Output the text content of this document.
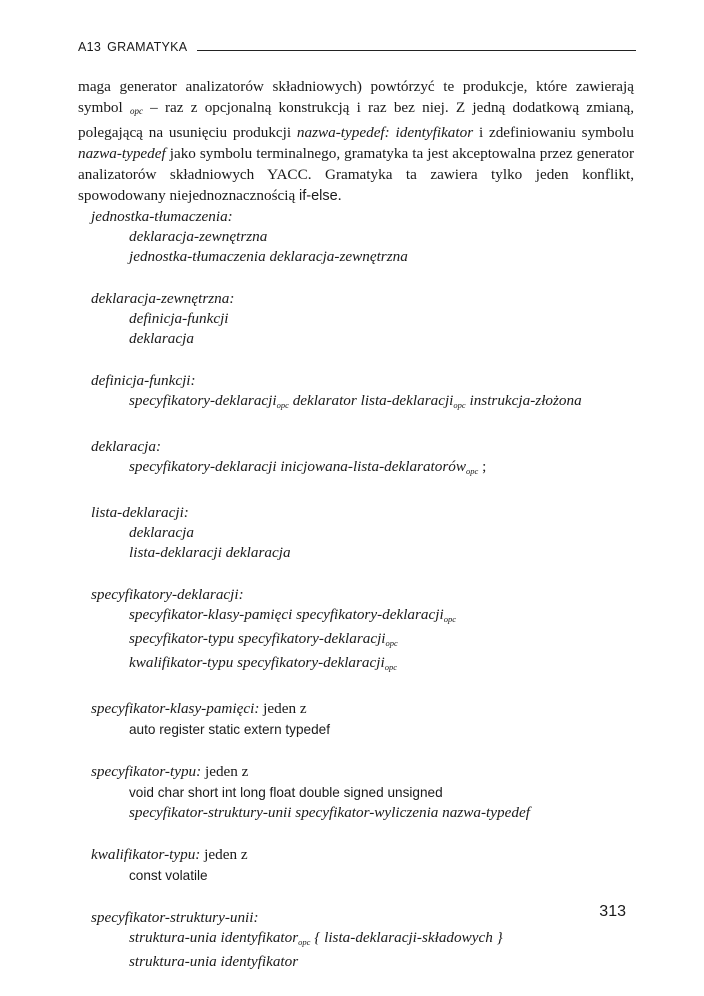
A13 GRAMATYKA
maga generator analizatorów składniowych) powtórzyć te produkcje, które zawierają symbol $_{opc}$ – raz z opcjonalną konstrukcją i raz bez niej. Z jedną dodatkową zmianą, polegającą na usunięciu produkcji nazwa-typedef: identyfikator i zdefiniowaniu symbolu nazwa-typedef jako symbolu terminalnego, gramatyka ta jest akceptowalna przez generator analizatorów składniowych YACC. Gramatyka ta zawiera tylko jeden konflikt, spowodowany niejednoznacznością if-else.
jednostka-tłumaczenia:
deklaracja-zewnętrzna
jednostka-tłumaczenia deklaracja-zewnętrzna
deklaracja-zewnętrzna:
definicja-funkcji
deklaracja
definicja-funkcji:
specyfikatory-deklaracjiopc deklarator lista-deklaracjiopc instrukcja-złożona
deklaracja:
specyfikatory-deklaracji inicjowana-lista-deklaratorówopc ;
lista-deklaracji:
deklaracja
lista-deklaracji deklaracja
specyfikatory-deklaracji:
specyfikator-klasy-pamięci specyfikatory-deklaracjiopc
specyfikator-typu specyfikatory-deklaracjiopc
kwalifikator-typu specyfikatory-deklaracjiopc
specyfikator-klasy-pamięci: jeden z
auto register static extern typedef
specyfikator-typu: jeden z
void char short int long float double signed unsigned
specyfikator-struktury-unii specyfikator-wyliczenia nazwa-typedef
kwalifikator-typu: jeden z
const volatile
specyfikator-struktury-unii:
struktura-unia identyfikatoropc { lista-deklaracji-składowych }
struktura-unia identyfikator
313
